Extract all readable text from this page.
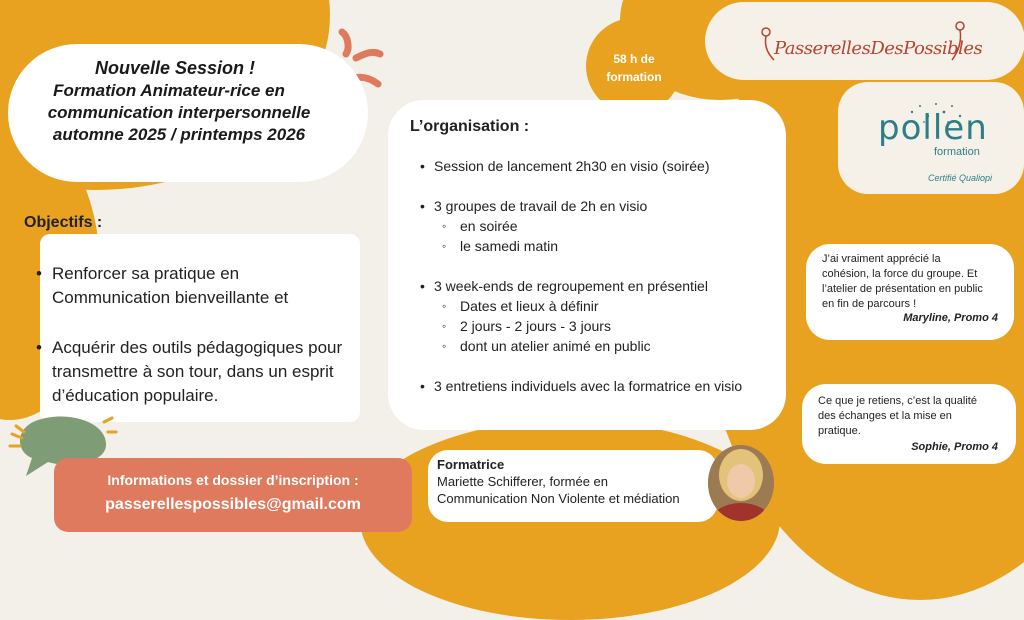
Nouvelle Session !
Formation Animateur-rice en
communication interpersonnelle
automne 2025 / printemps 2026
58 h de
formation
PasserellesDesPossibles
pollen
formation
Certifié Qualiopi
Objectifs :
• Renforcer sa pratique en
Communication bienveillante et
• Acquérir des outils pédagogiques pour
transmettre à son tour, dans un esprit
d’éducation populaire.
L’organisation :
• Session de lancement 2h30 en visio (soirée)
• 3 groupes de travail de 2h en visio
◦ en soirée
◦ le samedi matin
• 3 week-ends de regroupement en présentiel
◦ Dates et lieux à définir
◦ 2 jours - 2 jours - 3 jours
◦ dont un atelier animé en public
• 3 entretiens individuels avec la formatrice en visio
J’ai vraiment apprécié la
cohésion, la force du groupe. Et
l’atelier de présentation en public
en fin de parcours !
Maryline, Promo 4
Ce que je retiens, c’est la qualité
des échanges et la mise en
pratique.
Sophie, Promo 4
Informations et dossier d’inscription :
passerellespossibles@gmail.com
Formatrice
Mariette Schifferer, formée en
Communication Non Violente et médiation
